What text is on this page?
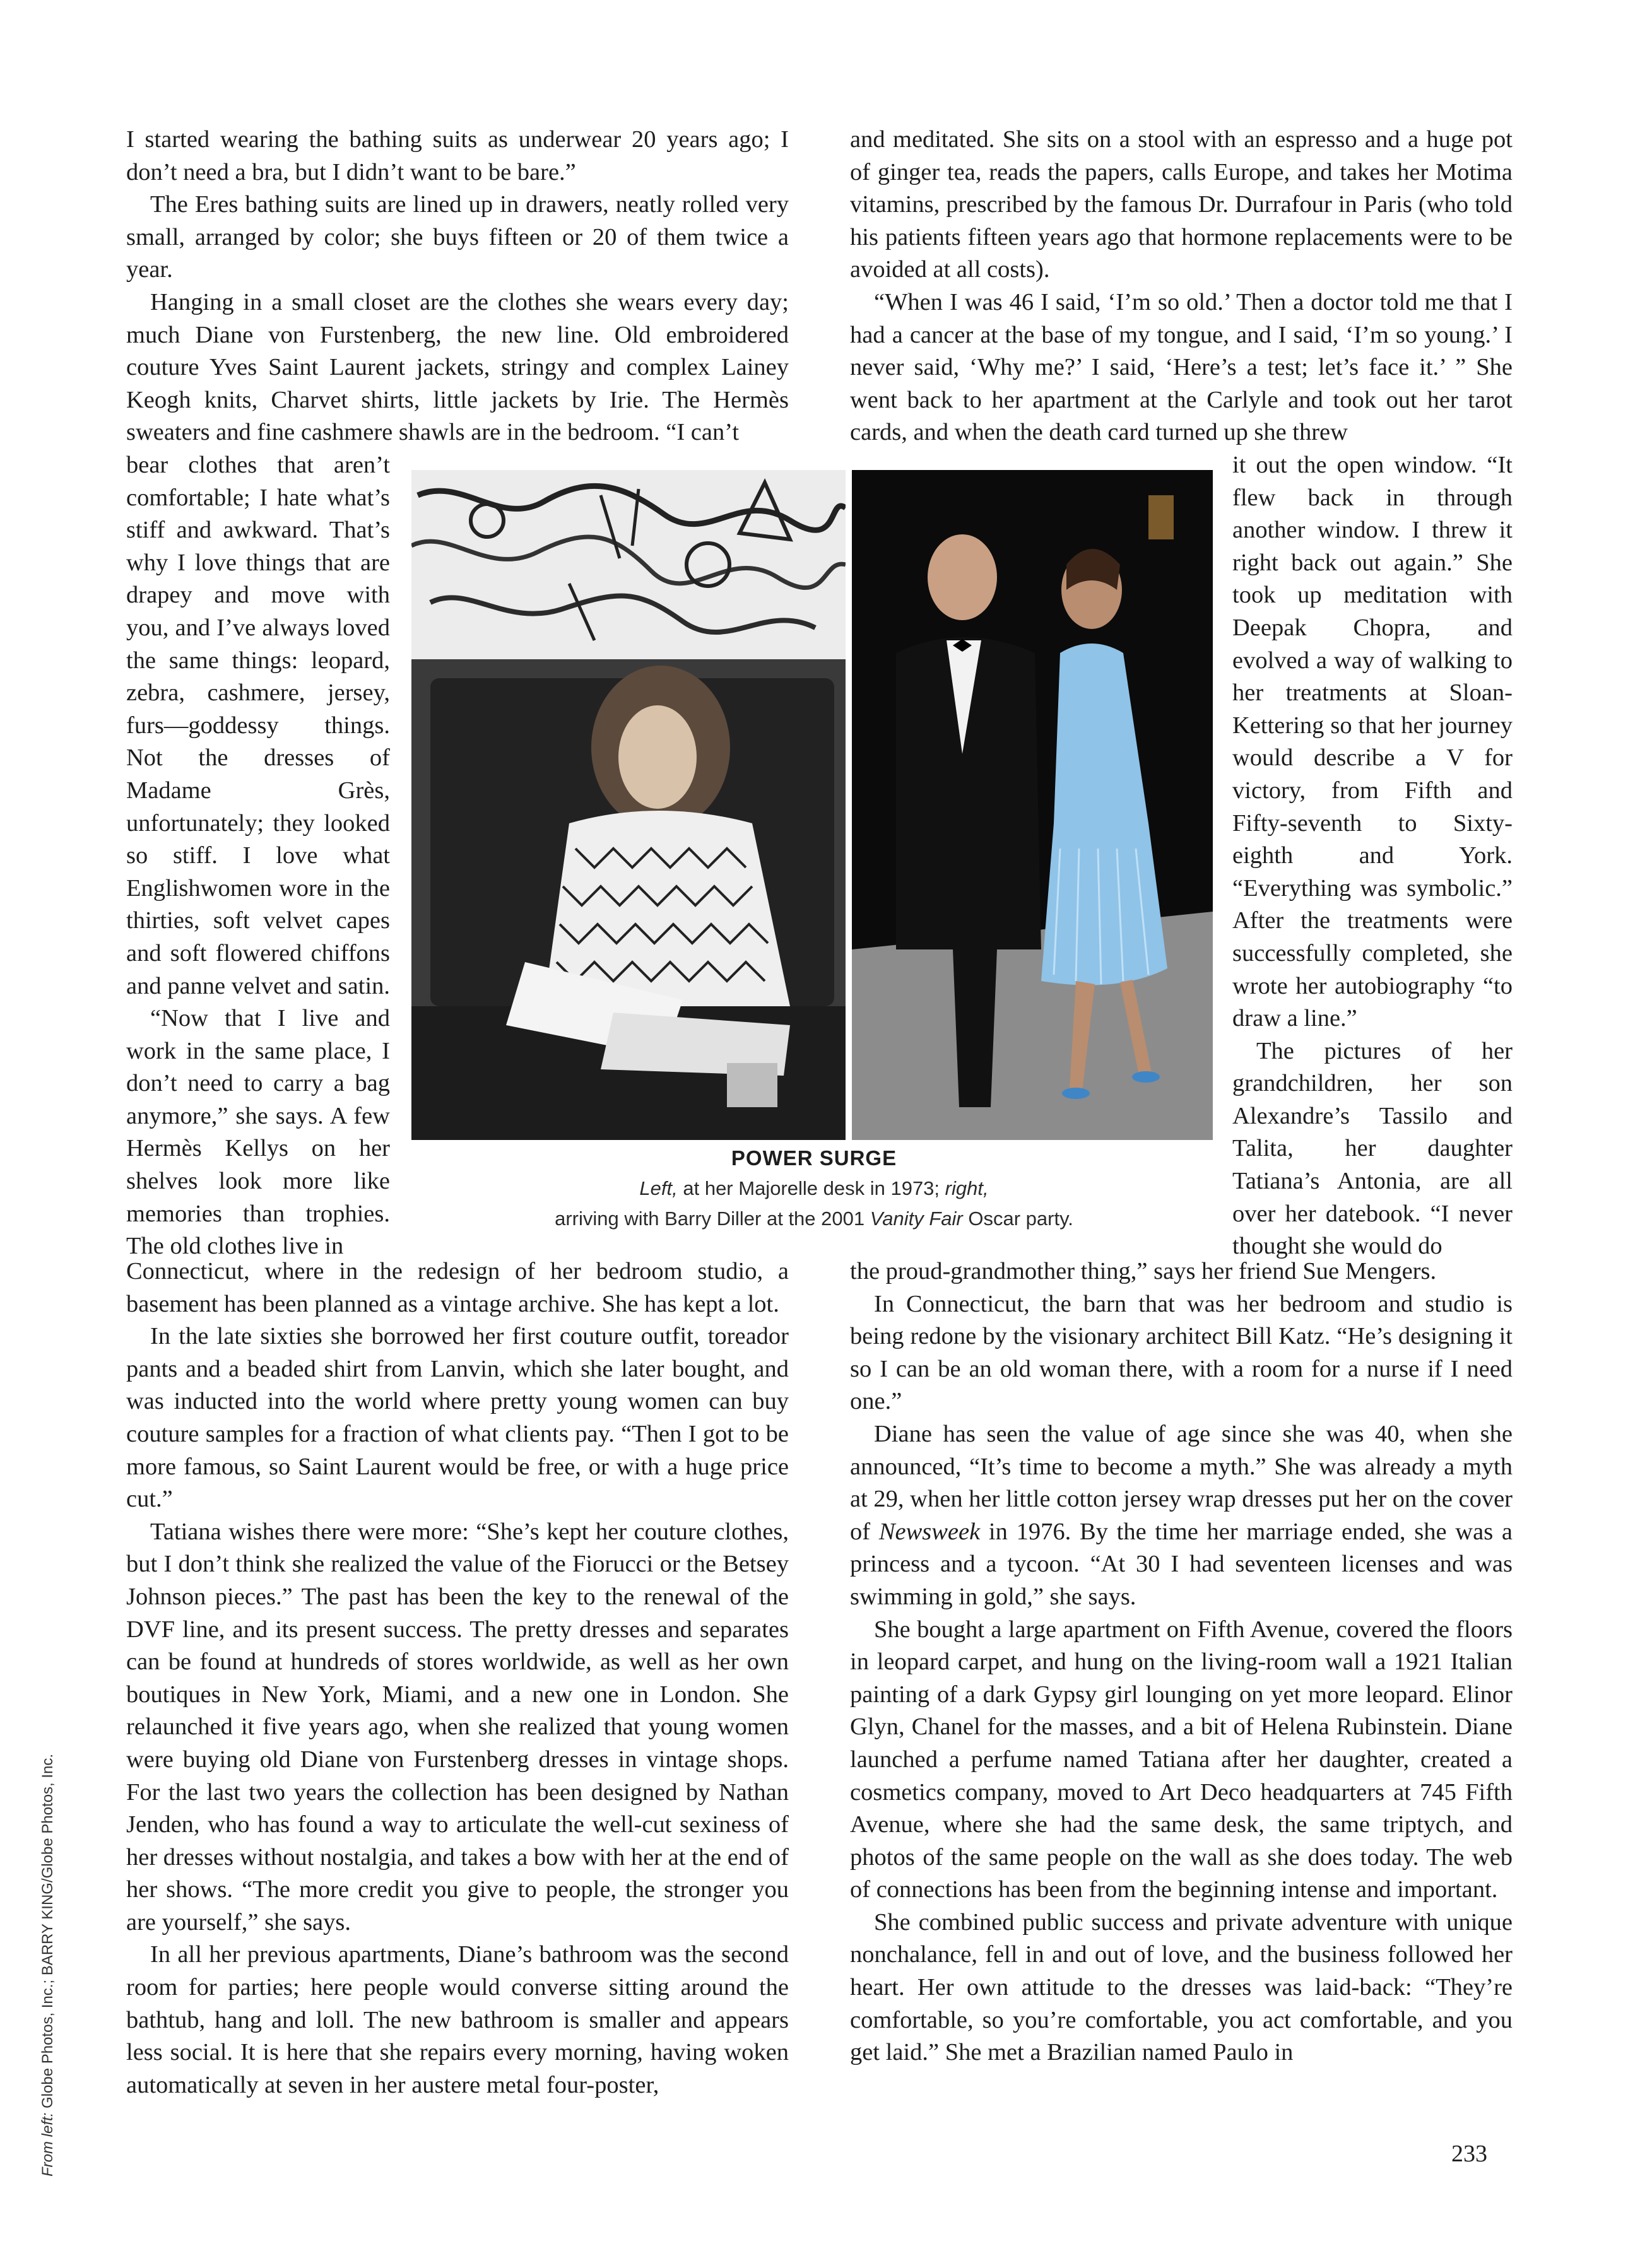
I started wearing the bathing suits as underwear 20 years ago; I don’t need a bra, but I didn’t want to be bare.”

The Eres bathing suits are lined up in drawers, neatly rolled very small, arranged by color; she buys fifteen or 20 of them twice a year.

Hanging in a small closet are the clothes she wears every day; much Diane von Furstenberg, the new line. Old embroidered couture Yves Saint Laurent jackets, stringy and complex Lainey Keogh knits, Charvet shirts, little jackets by Irie. The Hermès sweaters and fine cashmere shawls are in the bedroom. “I can’t

bear clothes that aren’t comfortable; I hate what’s stiff and awkward. That’s why I love things that are drapey and move with you, and I’ve always loved the same things: leopard, zebra, cashmere, jersey, furs—goddessy things. Not the dresses of Madame Grès, unfortunately; they looked so stiff. I love what Englishwomen wore in the thirties, soft velvet capes and soft flowered chiffons and panne velvet and satin.

“Now that I live and work in the same place, I don’t need to carry a bag anymore,” she says. A few Hermès Kellys on her shelves look more like memories than trophies. The old clothes live in

Connecticut, where in the redesign of her bedroom studio, a basement has been planned as a vintage archive. She has kept a lot.

In the late sixties she borrowed her first couture outfit, toreador pants and a beaded shirt from Lanvin, which she later bought, and was inducted into the world where pretty young women can buy couture samples for a fraction of what clients pay. “Then I got to be more famous, so Saint Laurent would be free, or with a huge price cut.”

Tatiana wishes there were more: “She’s kept her couture clothes, but I don’t think she realized the value of the Fiorucci or the Betsey Johnson pieces.” The past has been the key to the renewal of the DVF line, and its present success. The pretty dresses and separates can be found at hundreds of stores worldwide, as well as her own boutiques in New York, Miami, and a new one in London. She relaunched it five years ago, when she realized that young women were buying old Diane von Furstenberg dresses in vintage shops. For the last two years the collection has been designed by Nathan Jenden, who has found a way to articulate the well-cut sexiness of her dresses without nostalgia, and takes a bow with her at the end of her shows. “The more credit you give to people, the stronger you are yourself,” she says.

In all her previous apartments, Diane’s bathroom was the second room for parties; here people would converse sitting around the bathtub, hang and loll. The new bathroom is smaller and appears less social. It is here that she repairs every morning, having woken automatically at seven in her austere metal four-poster,

POWER SURGE
Left, at her Majorelle desk in 1973; right,
arriving with Barry Diller at the 2001 Vanity Fair Oscar party.

and meditated. She sits on a stool with an espresso and a huge pot of ginger tea, reads the papers, calls Europe, and takes her Motima vitamins, prescribed by the famous Dr. Durrafour in Paris (who told his patients fifteen years ago that hormone replacements were to be avoided at all costs).

“When I was 46 I said, ‘I’m so old.’ Then a doctor told me that I had a cancer at the base of my tongue, and I said, ‘I’m so young.’ I never said, ‘Why me?’ I said, ‘Here’s a test; let’s face it.’ ” She went back to her apartment at the Carlyle and took out her tarot cards, and when the death card turned up she threw

it out the open window. “It flew back in through another window. I threw it right back out again.” She took up meditation with Deepak Chopra, and evolved a way of walking to her treatments at Sloan-Kettering so that her journey would describe a V for victory, from Fifth and Fifty-seventh to Sixty-eighth and York. “Everything was symbolic.” After the treatments were successfully completed, she wrote her autobiography “to draw a line.”

The pictures of her grandchildren, her son Alexandre’s Tassilo and Talita, her daughter Tatiana’s Antonia, are all over her datebook. “I never thought she would do

the proud-grandmother thing,” says her friend Sue Mengers.

In Connecticut, the barn that was her bedroom and studio is being redone by the visionary architect Bill Katz. “He’s designing it so I can be an old woman there, with a room for a nurse if I need one.”

Diane has seen the value of age since she was 40, when she announced, “It’s time to become a myth.” She was already a myth at 29, when her little cotton jersey wrap dresses put her on the cover of Newsweek in 1976. By the time her marriage ended, she was a princess and a tycoon. “At 30 I had seventeen licenses and was swimming in gold,” she says.

She bought a large apartment on Fifth Avenue, covered the floors in leopard carpet, and hung on the living-room wall a 1921 Italian painting of a dark Gypsy girl lounging on yet more leopard. Elinor Glyn, Chanel for the masses, and a bit of Helena Rubinstein. Diane launched a perfume named Tatiana after her daughter, created a cosmetics company, moved to Art Deco headquarters at 745 Fifth Avenue, where she had the same desk, the same triptych, and photos of the same people on the wall as she does today. The web of connections has been from the beginning intense and important.

She combined public success and private adventure with unique nonchalance, fell in and out of love, and the business followed her heart. Her own attitude to the dresses was laid-back: “They’re comfortable, so you’re comfortable, you act comfortable, and you get laid.” She met a Brazilian named Paulo in

From left: Globe Photos, Inc.; BARRY KING/Globe Photos, Inc.
233
